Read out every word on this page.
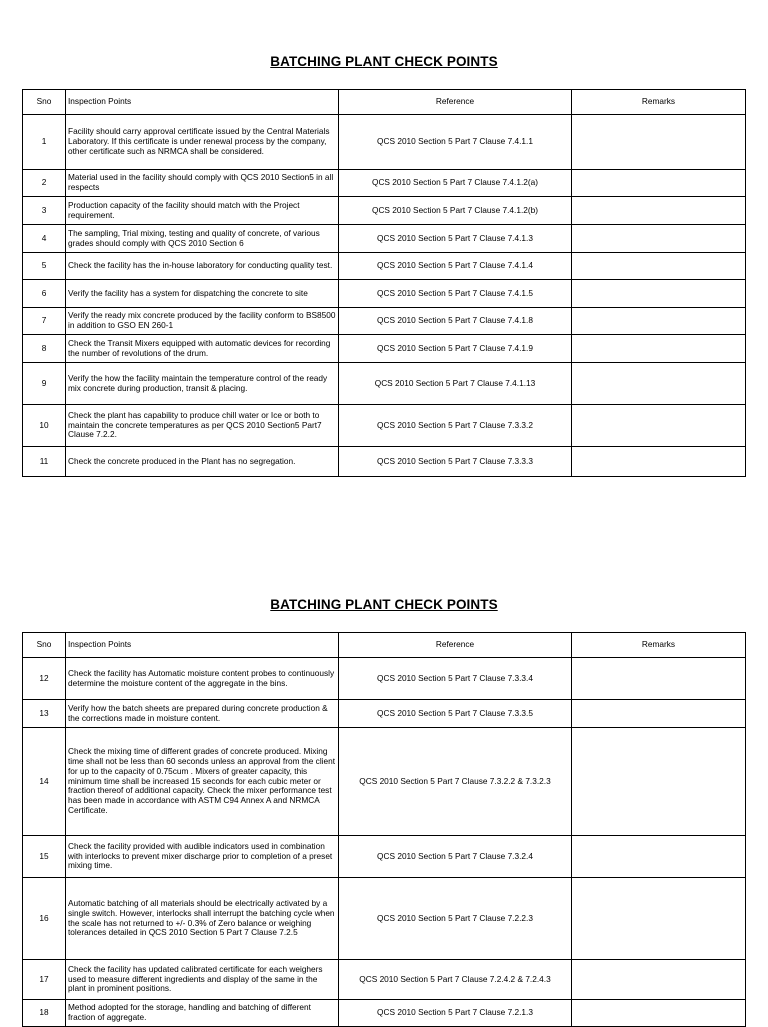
BATCHING PLANT CHECK POINTS
Sno	Inspection Points	Reference	Remarks
1	Facility should carry approval certificate issued by the Central Materials Laboratory. If this certificate is under renewal process by the company, other certificate such as NRMCA shall be considered.	QCS 2010 Section 5 Part 7 Clause 7.4.1.1	
2	Material used in the facility should comply with QCS 2010 Section5 in all respects	QCS 2010 Section 5 Part 7 Clause 7.4.1.2(a)	
3	Production capacity of the facility should match with the Project requirement.	QCS 2010 Section 5 Part 7 Clause 7.4.1.2(b)	
4	The sampling, Trial mixing, testing and quality of concrete, of various grades should comply with QCS 2010 Section 6	QCS 2010 Section 5 Part 7 Clause 7.4.1.3	
5	Check the facility has the in-house laboratory for conducting quality test.	QCS 2010 Section 5 Part 7 Clause 7.4.1.4	
6	Verify the facility has a system for dispatching the concrete to site	QCS 2010 Section 5 Part 7 Clause 7.4.1.5	
7	Verify the ready mix concrete produced by the facility conform to BS8500 in addition to GSO EN 260-1	QCS 2010 Section 5 Part 7 Clause 7.4.1.8	
8	Check the Transit Mixers equipped with automatic devices for recording the number of revolutions of the drum.	QCS 2010 Section 5 Part 7 Clause 7.4.1.9	
9	Verify the how the facility maintain the temperature control of the ready mix concrete during production, transit & placing.	QCS 2010 Section 5 Part 7 Clause 7.4.1.13	
10	Check the plant has capability to produce chill water or Ice or both to maintain the concrete temperatures as per QCS 2010 Section5 Part7 Clause 7.2.2.	QCS 2010 Section 5 Part 7 Clause 7.3.3.2	
11	Check the concrete produced in the Plant has no segregation.	QCS 2010 Section 5 Part 7 Clause 7.3.3.3	
BATCHING PLANT CHECK POINTS
Sno	Inspection Points	Reference	Remarks
12	Check the facility has Automatic moisture content probes to continuously determine the moisture content of the aggregate in the bins.	QCS 2010 Section 5 Part 7 Clause 7.3.3.4	
13	Verify how the batch sheets are prepared during concrete production & the corrections made in moisture content.	QCS 2010 Section 5 Part 7 Clause 7.3.3.5	
14	Check the mixing time of different grades of concrete produced. Mixing time shall not be less than 60 seconds unless an approval from the client for up to the capacity of 0.75cum . Mixers of greater capacity, this minimum time shall be increased 15 seconds for each cubic meter or fraction thereof of additional capacity. Check the mixer performance test has been made in accordance with ASTM C94 Annex A and NRMCA Certificate.	QCS 2010 Section 5 Part 7 Clause 7.3.2.2 & 7.3.2.3	
15	Check the facility provided with audible indicators used in combination with interlocks to prevent mixer discharge prior to completion of a preset mixing time.	QCS 2010 Section 5 Part 7 Clause 7.3.2.4	
16	Automatic batching of all materials should be electrically activated by a single switch. However, interlocks shall interrupt the batching cycle when the scale has not returned to +/- 0.3% of Zero balance or weighing tolerances detailed in QCS 2010 Section 5 Part 7 Clause 7.2.5	QCS 2010 Section 5 Part 7 Clause 7.2.2.3	
17	Check the facility has updated calibrated certificate for each weighers used to measure different ingredients and display of the same in the plant in prominent positions.	QCS 2010 Section 5 Part 7 Clause 7.2.4.2 & 7.2.4.3	
18	Method adopted for the storage, handling and batching of different fraction of aggregate.	QCS 2010 Section 5 Part 7 Clause 7.2.1.3	
